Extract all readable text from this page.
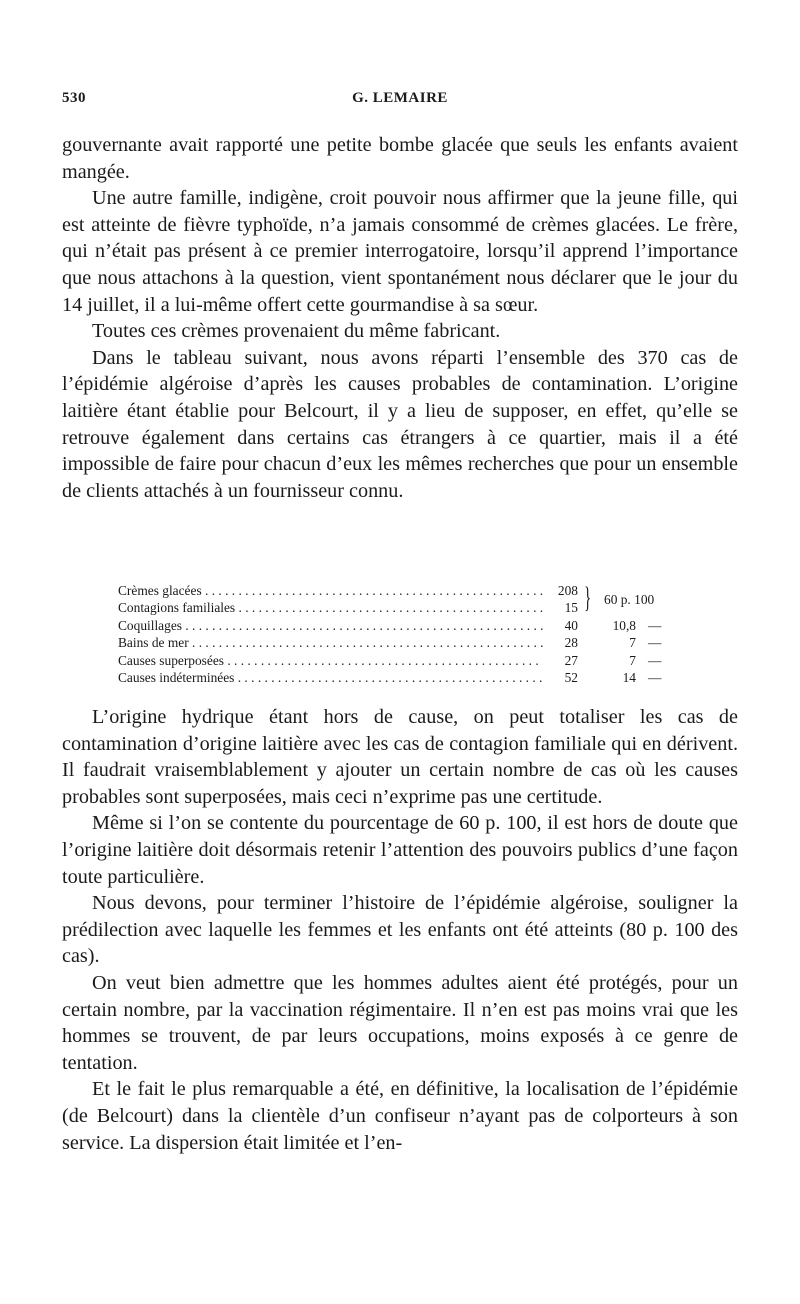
530	G. LEMAIRE

gouvernante avait rapporté une petite bombe glacée que seuls les enfants avaient mangée.

Une autre famille, indigène, croit pouvoir nous affirmer que la jeune fille, qui est atteinte de fièvre typhoïde, n’a jamais consommé de crèmes glacées. Le frère, qui n’était pas présent à ce premier interrogatoire, lorsqu’il apprend l’importance que nous attachons à la question, vient spontanément nous déclarer que le jour du 14 juillet, il a lui-même offert cette gourmandise à sa sœur.

Toutes ces crèmes provenaient du même fabricant.

Dans le tableau suivant, nous avons réparti l’ensemble des 370 cas de l’épidémie algéroise d’après les causes probables de contamination. L’origine laitière étant établie pour Belcourt, il y a lieu de supposer, en effet, qu’elle se retrouve également dans certains cas étrangers à ce quartier, mais il a été impossible de faire pour chacun d’eux les mêmes recherches que pour un ensemble de clients attachés à un fournisseur connu.

Crèmes glacées . . .	208 } 60 p. 100
Contagions familiales . . .	15
Coquillages . . .	40	10,8 —
Bains de mer . . .	28	7 —
Causes superposées . . .	27	7 —
Causes indéterminées . . .	52	14 —

L’origine hydrique étant hors de cause, on peut totaliser les cas de contamination d’origine laitière avec les cas de contagion familiale qui en dérivent. Il faudrait vraisemblablement y ajouter un certain nombre de cas où les causes probables sont superposées, mais ceci n’exprime pas une certitude.

Même si l’on se contente du pourcentage de 60 p. 100, il est hors de doute que l’origine laitière doit désormais retenir l’attention des pouvoirs publics d’une façon toute particulière.

Nous devons, pour terminer l’histoire de l’épidémie algéroise, souligner la prédilection avec laquelle les femmes et les enfants ont été atteints (80 p. 100 des cas).

On veut bien admettre que les hommes adultes aient été protégés, pour un certain nombre, par la vaccination régimentaire. Il n’en est pas moins vrai que les hommes se trouvent, de par leurs occupations, moins exposés à ce genre de tentation.

Et le fait le plus remarquable a été, en définitive, la localisation de l’épidémie (de Belcourt) dans la clientèle d’un confiseur n’ayant pas de colporteurs à son service. La dispersion était limitée et l’en-
